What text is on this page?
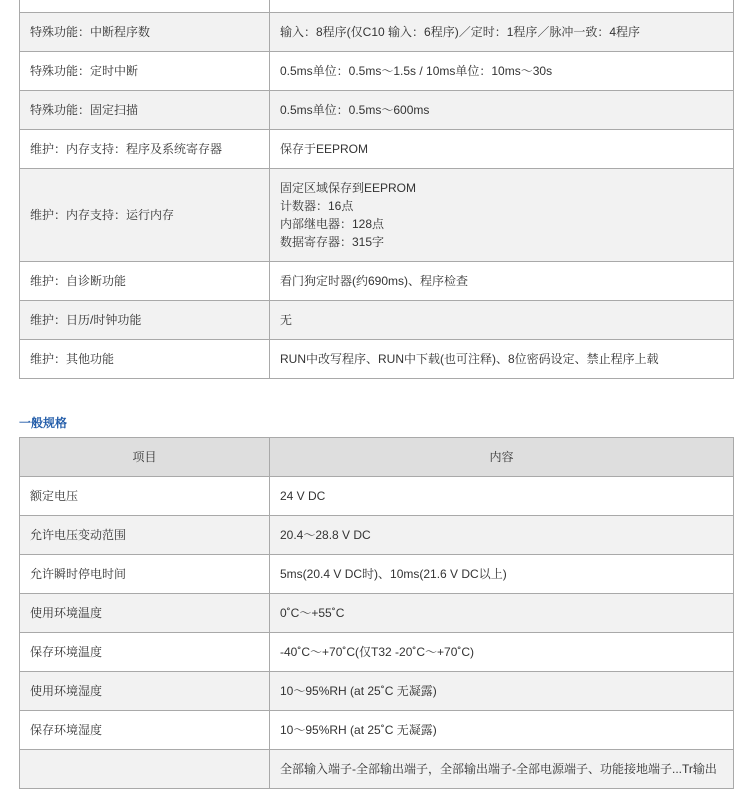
特殊功能：中断程序数	输入：8程序(仅C10 输入：6程序)／定时：1程序／脉冲一致：4程序
特殊功能：定时中断	0.5ms单位：0.5ms～1.5s / 10ms单位：10ms～30s
特殊功能：固定扫描	0.5ms单位：0.5ms～600ms
维护：内存支持：程序及系统寄存器	保存于EEPROM
维护：内存支持：运行内存	固定区域保存到EEPROM
计数器：16点
内部继电器：128点
数据寄存器：315字

维护：自诊断功能	看门狗定时器(约690ms)、程序检查
维护：日历/时钟功能	无
维护：其他功能	RUN中改写程序、RUN中下载(也可注释)、8位密码设定、禁止程序上载
一般规格
项目	内容
额定电压	24 V DC
允许电压变动范围	20.4～28.8 V DC
允许瞬时停电时间	5ms(20.4 V DC时)、10ms(21.6 V DC以上)
使用环境温度	0˚C～+55˚C
保存环境温度	-40˚C～+70˚C(仅T32 -20˚C～+70˚C)
使用环境湿度	10～95%RH (at 25˚C 无凝露)
保存环境湿度	10～95%RH (at 25˚C 无凝露)
	全部输入端子-全部输出端子，全部输出端子-全部电源端子、功能接地端子...Tr输出
